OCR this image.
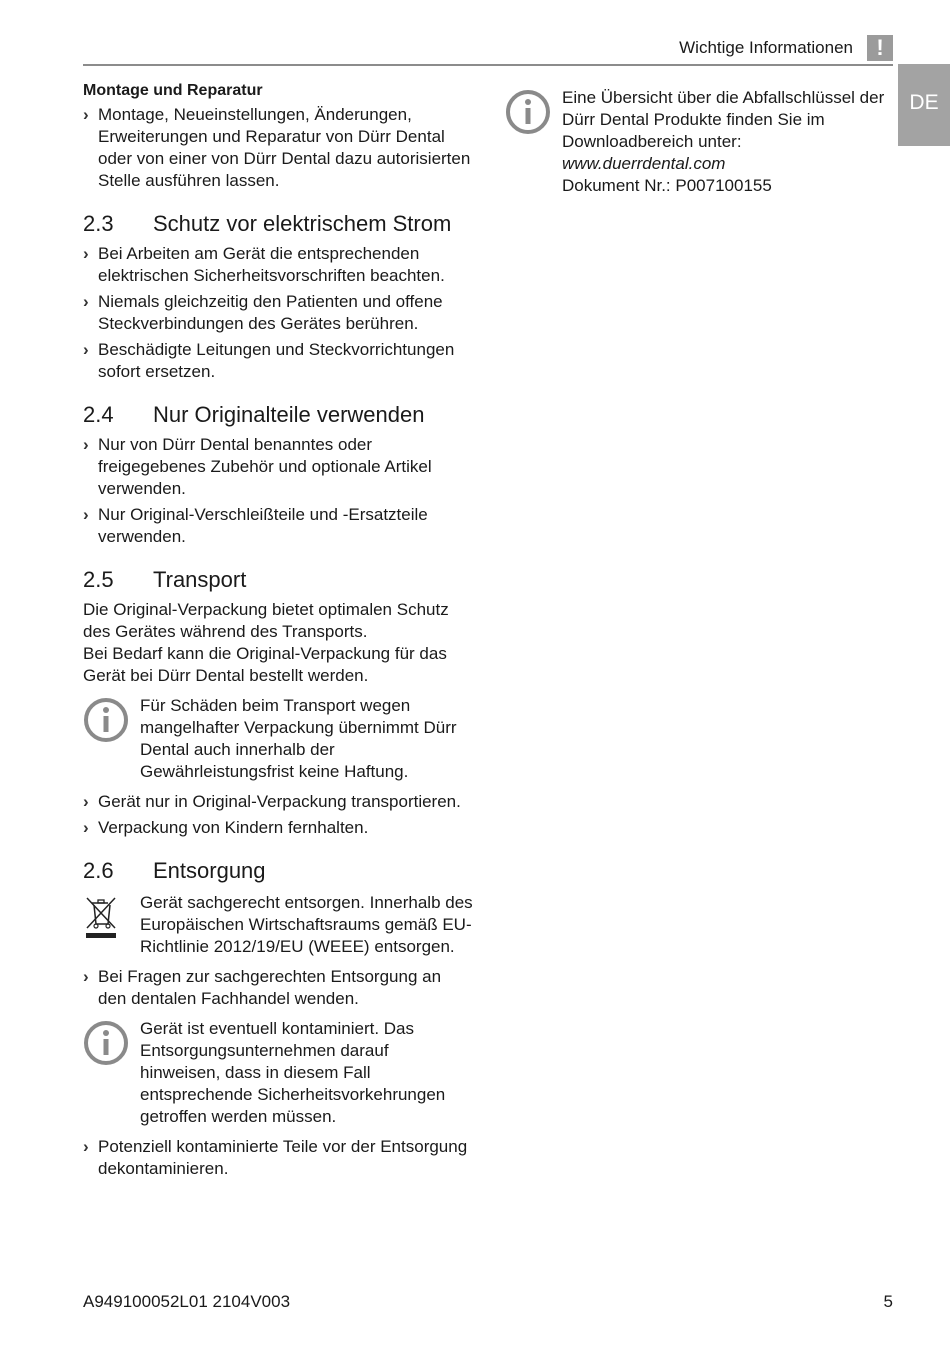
Wichtige Informationen	!
DE
Montage und Reparatur
› Montage, Neueinstellungen, Änderungen, Erweiterungen und Reparatur von Dürr Dental oder von einer von Dürr Dental dazu autorisierten Stelle ausführen lassen.
2.3	Schutz vor elektrischem Strom
› Bei Arbeiten am Gerät die entsprechenden elektrischen Sicherheitsvorschriften beachten.
› Niemals gleichzeitig den Patienten und offene Steckverbindungen des Gerätes berühren.
› Beschädigte Leitungen und Steckvorrichtungen sofort ersetzen.
2.4	Nur Originalteile verwenden
› Nur von Dürr Dental benanntes oder freigegebenes Zubehör und optionale Artikel verwenden.
› Nur Original-Verschleißteile und -Ersatzteile verwenden.
2.5	Transport

Die Original-Verpackung bietet optimalen Schutz des Gerätes während des Transports.

Bei Bedarf kann die Original-Verpackung für das Gerät bei Dürr Dental bestellt werden.

Für Schäden beim Transport wegen mangelhafter Verpackung übernimmt Dürr Dental auch innerhalb der Gewährleistungsfrist keine Haftung.
› Gerät nur in Original-Verpackung transportieren.
› Verpackung von Kindern fernhalten.
2.6	Entsorgung
Gerät sachgerecht entsorgen. Innerhalb des Europäischen Wirtschaftsraums gemäß EU-Richtlinie 2012/19/EU (WEEE) entsorgen.
› Bei Fragen zur sachgerechten Entsorgung an den dentalen Fachhandel wenden.
Gerät ist eventuell kontaminiert. Das Entsorgungsunternehmen darauf hinweisen, dass in diesem Fall entsprechende Sicherheitsvorkehrungen getroffen werden müssen.
› Potenziell kontaminierte Teile vor der Entsorgung dekontaminieren.
Eine Übersicht über die Abfallschlüssel der Dürr Dental Produkte finden Sie im Downloadbereich unter:
www.duerrdental.com
Dokument Nr.: P007100155
A949100052L01 2104V003	5
